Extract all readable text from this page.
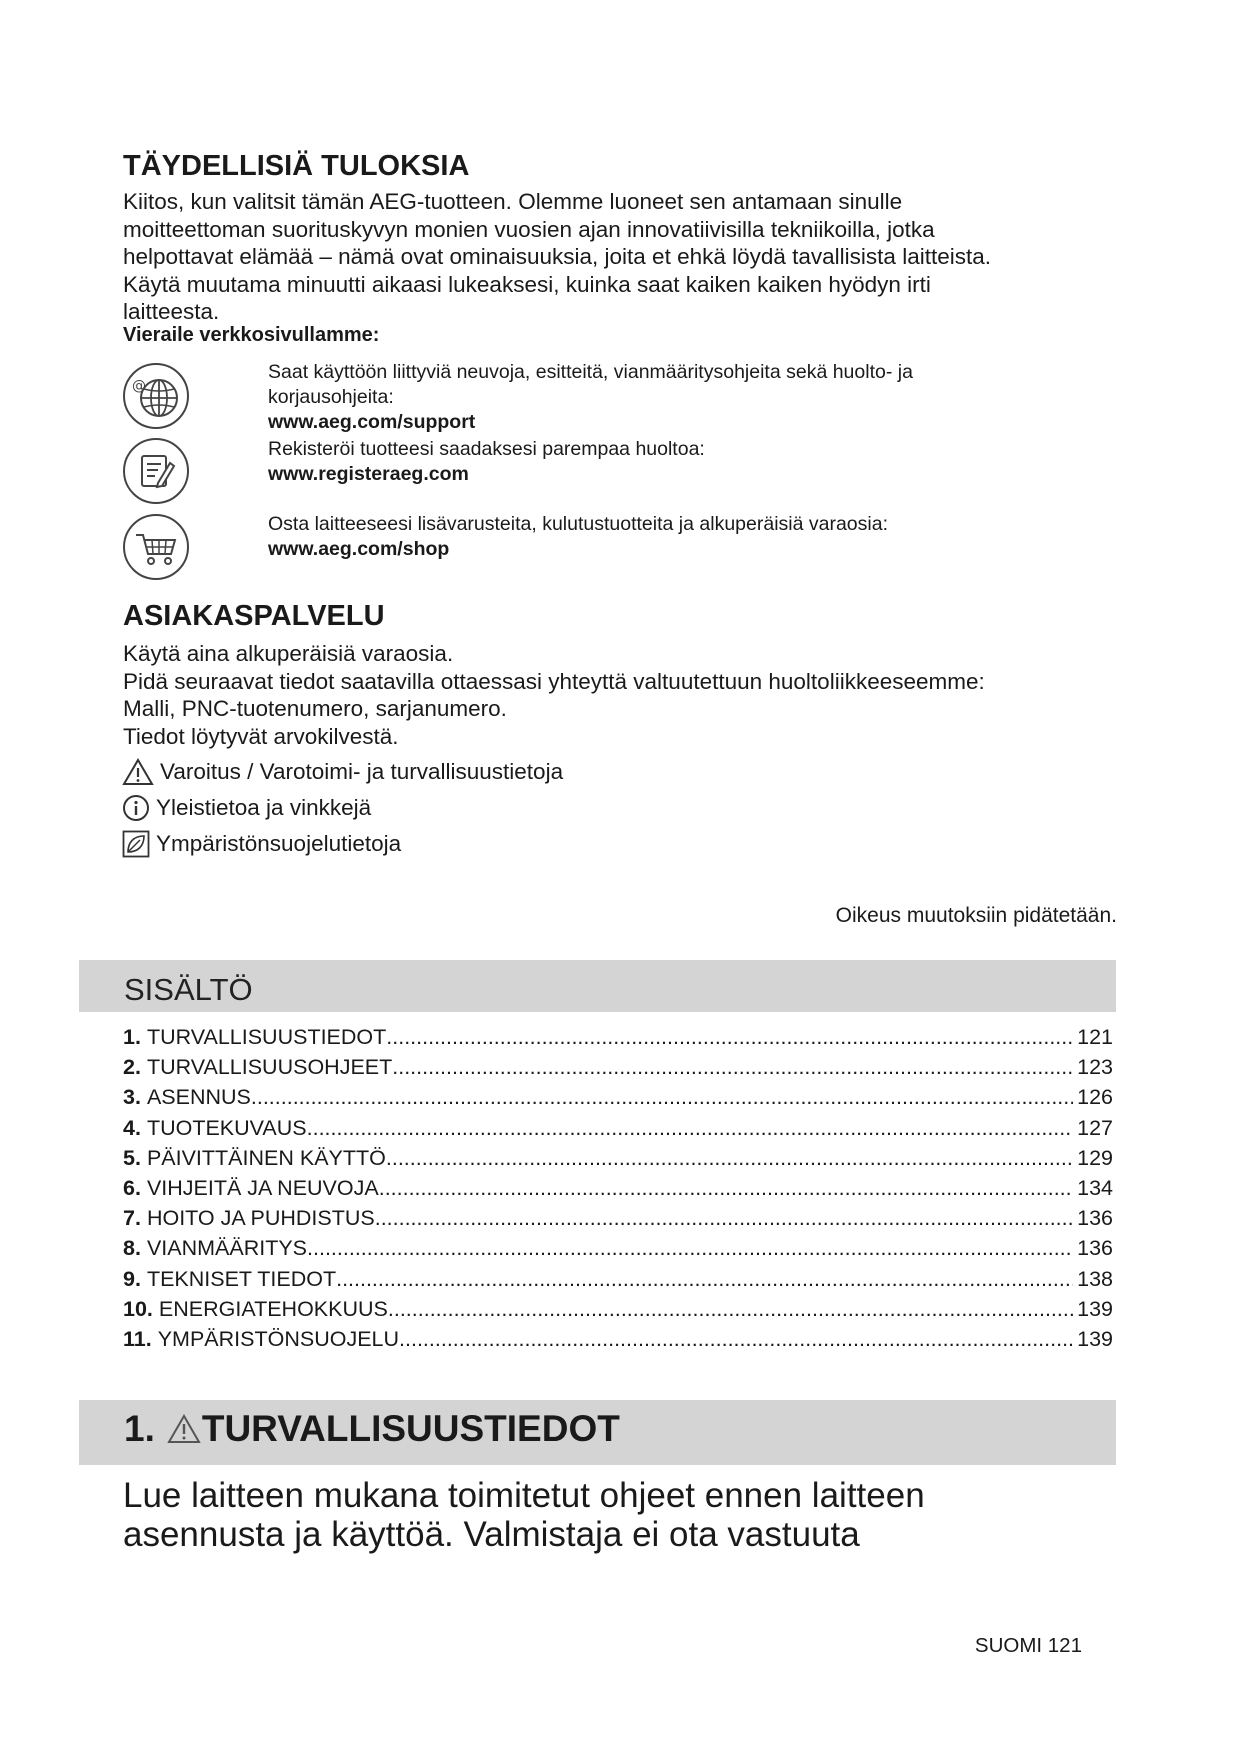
TÄYDELLISIÄ TULOKSIA
Kiitos, kun valitsit tämän AEG-tuotteen. Olemme luoneet sen antamaan sinulle
moitteettoman suorituskyvyn monien vuosien ajan innovatiivisilla tekniikoilla, jotka
helpottavat elämää – nämä ovat ominaisuuksia, joita et ehkä löydä tavallisista laitteista.
Käytä muutama minuutti aikaasi lukeaksesi, kuinka saat kaiken kaiken hyödyn irti
laitteesta.
Vieraile verkkosivullamme:
@
Saat käyttöön liittyviä neuvoja, esitteitä, vianmääritysohjeita sekä huolto- ja
korjausohjeita:
www.aeg.com/support
Rekisteröi tuotteesi saadaksesi parempaa huoltoa:
www.registeraeg.com
Osta laitteeseesi lisävarusteita, kulutustuotteita ja alkuperäisiä varaosia:
www.aeg.com/shop
ASIAKASPALVELU
Käytä aina alkuperäisiä varaosia.
Pidä seuraavat tiedot saatavilla ottaessasi yhteyttä valtuutettuun huoltoliikkeeseemme:
Malli, PNC-tuotenumero, sarjanumero.
Tiedot löytyvät arvokilvestä.
Varoitus / Varotoimi- ja turvallisuustietoja
Yleistietoa ja vinkkejä
Ympäristönsuojelutietoja
Oikeus muutoksiin pidätetään.
SISÄLTÖ
1. TURVALLISUUSTIEDOT .....	121
2. TURVALLISUUSOHJEET .....	123
3. ASENNUS .....	126
4. TUOTEKUVAUS .....	127
5. PÄIVITTÄINEN KÄYTTÖ .....	129
6. VIHJEITÄ JA NEUVOJA .....	134
7. HOITO JA PUHDISTUS .....	136
8. VIANMÄÄRITYS .....	136
9. TEKNISET TIEDOT .....	138
10. ENERGIATEHOKKUUS .....	139
11. YMPÄRISTÖNSUOJELU .....	139
1. TURVALLISUUSTIEDOT
Lue laitteen mukana toimitetut ohjeet ennen laitteen
asennusta ja käyttöä. Valmistaja ei ota vastuuta
SUOMI 121
